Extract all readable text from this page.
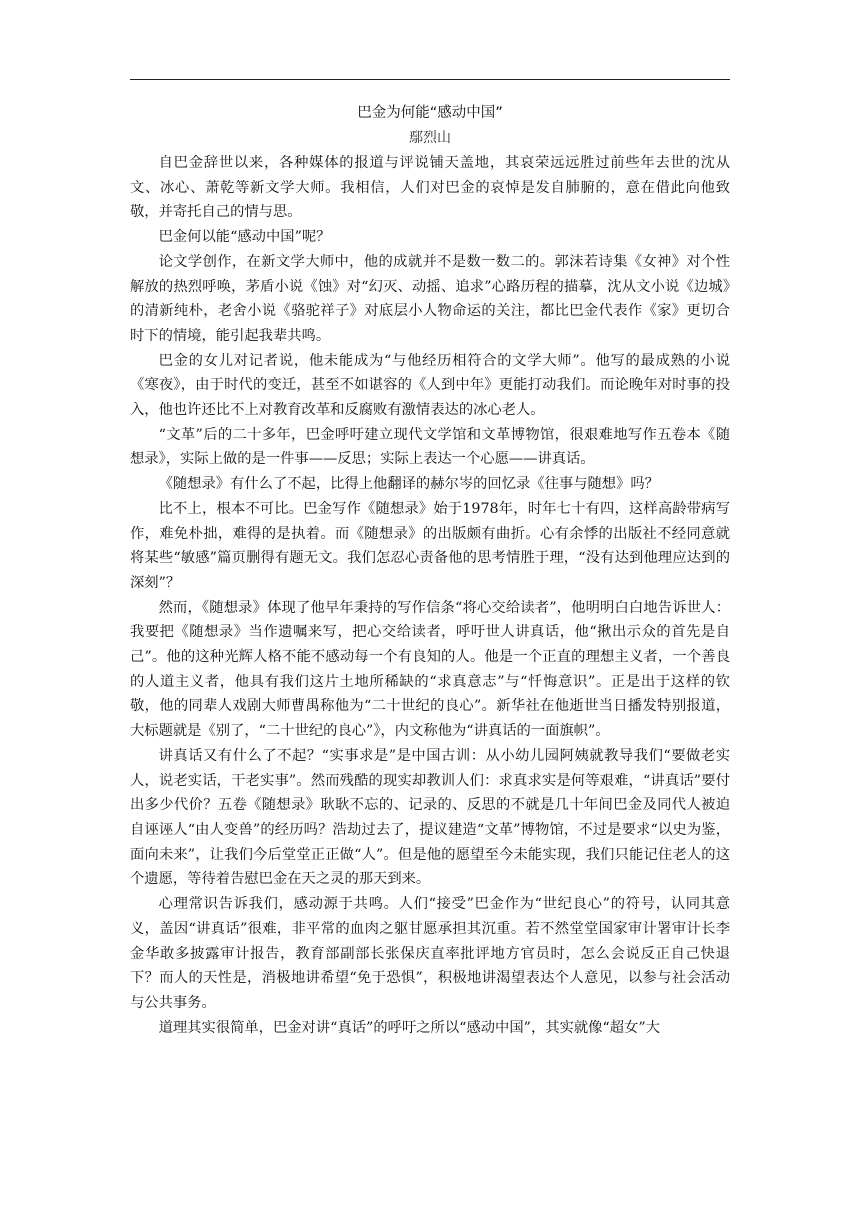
巴金为何能“感动中国”
鄢烈山

自巴金辞世以来，各种媒体的报道与评说铺天盖地，其哀荣远远胜过前些年去世的沈从文、冰心、萧乾等新文学大师。我相信，人们对巴金的哀悼是发自肺腑的，意在借此向他致敬，并寄托自己的情与思。

巴金何以能“感动中国”呢？

论文学创作，在新文学大师中，他的成就并不是数一数二的。郭沫若诗集《女神》对个性解放的热烈呼唤，茅盾小说《蚀》对“幻灭、动摇、追求”心路历程的描摹，沈从文小说《边城》的清新纯朴，老舍小说《骆驼祥子》对底层小人物命运的关注，都比巴金代表作《家》更切合时下的情境，能引起我辈共鸣。

巴金的女儿对记者说，他未能成为“与他经历相符合的文学大师”。他写的最成熟的小说《寒夜》，由于时代的变迁，甚至不如谌容的《人到中年》更能打动我们。而论晚年对时事的投入，他也许还比不上对教育改革和反腐败有激情表达的冰心老人。

“文革”后的二十多年，巴金呼吁建立现代文学馆和文革博物馆，很艰难地写作五卷本《随想录》，实际上做的是一件事——反思；实际上表达一个心愿——讲真话。

《随想录》有什么了不起，比得上他翻译的赫尔岑的回忆录《往事与随想》吗？

比不上，根本不可比。巴金写作《随想录》始于1978年，时年七十有四，这样高龄带病写作，难免朴拙，难得的是执着。而《随想录》的出版颇有曲折。心有余悸的出版社不经同意就将某些“敏感”篇页删得有题无文。我们怎忍心责备他的思考情胜于理，“没有达到他理应达到的深刻”？

然而，《随想录》体现了他早年秉持的写作信条“将心交给读者”，他明明白白地告诉世人：我要把《随想录》当作遗嘱来写，把心交给读者，呼吁世人讲真话，他“揪出示众的首先是自己”。他的这种光辉人格不能不感动每一个有良知的人。他是一个正直的理想主义者，一个善良的人道主义者，他具有我们这片土地所稀缺的“求真意志”与“忏悔意识”。正是出于这样的钦敬，他的同辈人戏剧大师曹禺称他为“二十世纪的良心”。新华社在他逝世当日播发特别报道，大标题就是《别了，“二十世纪的良心”》，内文称他为“讲真话的一面旗帜”。

讲真话又有什么了不起？“实事求是”是中国古训：从小幼儿园阿姨就教导我们“要做老实人，说老实话，干老实事”。然而残酷的现实却教训人们：求真求实是何等艰难，“讲真话”要付出多少代价？五卷《随想录》耿耿不忘的、记录的、反思的不就是几十年间巴金及同代人被迫自诬诬人“由人变兽”的经历吗？浩劫过去了，提议建造“文革”博物馆，不过是要求“以史为鉴，面向未来”，让我们今后堂堂正正做“人”。但是他的愿望至今未能实现，我们只能记住老人的这个遗愿，等待着告慰巴金在天之灵的那天到来。

心理常识告诉我们，感动源于共鸣。人们“接受”巴金作为“世纪良心”的符号，认同其意义，盖因“讲真话”很难，非平常的血肉之躯甘愿承担其沉重。若不然堂堂国家审计署审计长李金华敢多披露审计报告，教育部副部长张保庆直率批评地方官员时，怎么会说反正自己快退下？而人的天性是，消极地讲希望“免于恐惧”，积极地讲渴望表达个人意见，以参与社会活动与公共事务。

道理其实很简单，巴金对讲“真话”的呼吁之所以“感动中国”，其实就像“超女”大
